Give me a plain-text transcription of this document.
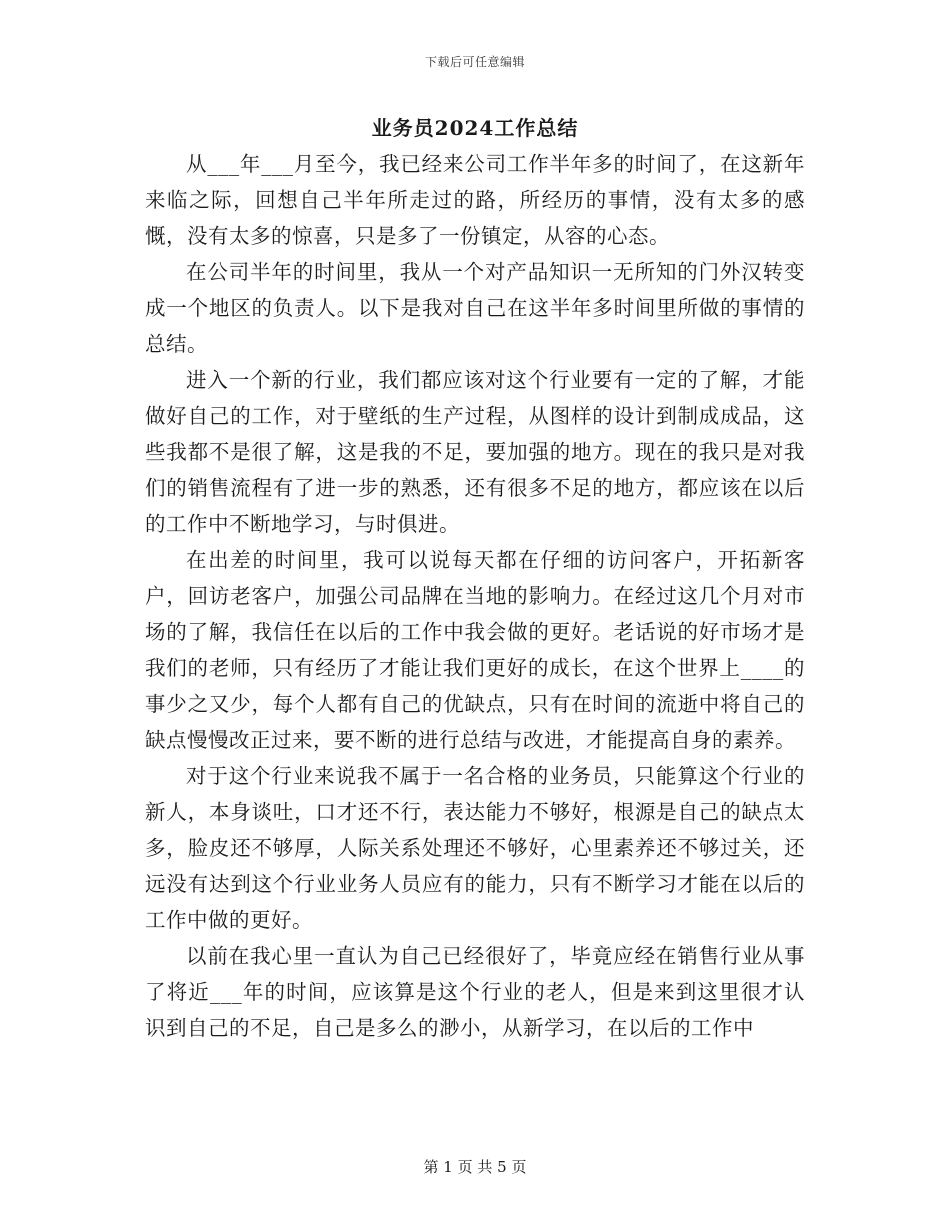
下载后可任意编辑
业务员2024工作总结

从___年___月至今，我已经来公司工作半年多的时间了，在这新年来临之际，回想自己半年所走过的路，所经历的事情，没有太多的感慨，没有太多的惊喜，只是多了一份镇定，从容的心态。

在公司半年的时间里，我从一个对产品知识一无所知的门外汉转变成一个地区的负责人。以下是我对自己在这半年多时间里所做的事情的总结。

进入一个新的行业，我们都应该对这个行业要有一定的了解，才能做好自己的工作，对于壁纸的生产过程，从图样的设计到制成成品，这些我都不是很了解，这是我的不足，要加强的地方。现在的我只是对我们的销售流程有了进一步的熟悉，还有很多不足的地方，都应该在以后的工作中不断地学习，与时俱进。

在出差的时间里，我可以说每天都在仔细的访问客户，开拓新客户，回访老客户，加强公司品牌在当地的影响力。在经过这几个月对市场的了解，我信任在以后的工作中我会做的更好。老话说的好市场才是我们的老师，只有经历了才能让我们更好的成长，在这个世界上____的事少之又少，每个人都有自己的优缺点，只有在时间的流逝中将自己的缺点慢慢改正过来，要不断的进行总结与改进，才能提高自身的素养。

对于这个行业来说我不属于一名合格的业务员，只能算这个行业的新人，本身谈吐，口才还不行，表达能力不够好，根源是自己的缺点太多，脸皮还不够厚，人际关系处理还不够好，心里素养还不够过关，还远没有达到这个行业业务人员应有的能力，只有不断学习才能在以后的工作中做的更好。

以前在我心里一直认为自己已经很好了，毕竟应经在销售行业从事了将近___年的时间，应该算是这个行业的老人，但是来到这里很才认识到自己的不足，自己是多么的渺小，从新学习，在以后的工作中

第 1 页 共 5 页
